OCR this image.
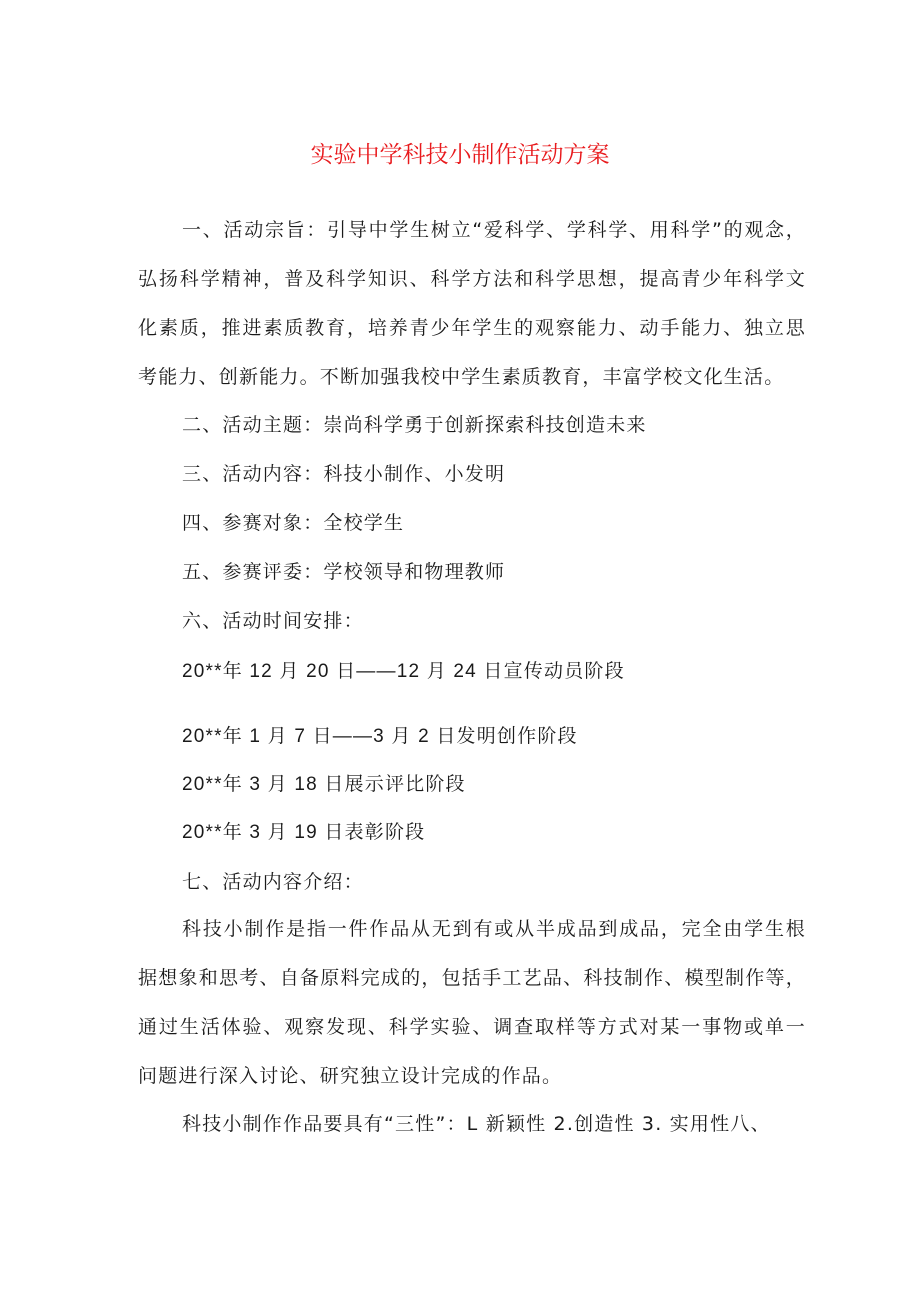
实验中学科技小制作活动方案
一、活动宗旨：引导中学生树立“爱科学、学科学、用科学”的观念，
弘扬科学精神，普及科学知识、科学方法和科学思想，提高青少年科学文
化素质，推进素质教育，培养青少年学生的观察能力、动手能力、独立思
考能力、创新能力。不断加强我校中学生素质教育，丰富学校文化生活。
二、活动主题：崇尚科学勇于创新探索科技创造未来
三、活动内容：科技小制作、小发明
四、参赛对象：全校学生
五、参赛评委：学校领导和物理教师
六、活动时间安排：
20**年 12 月 20 日——12 月 24 日宣传动员阶段
20**年 1 月 7 日——3 月 2 日发明创作阶段
20**年 3 月 18 日展示评比阶段
20**年 3 月 19 日表彰阶段
七、活动内容介绍：
科技小制作是指一件作品从无到有或从半成品到成品，完全由学生根
据想象和思考、自备原料完成的，包括手工艺品、科技制作、模型制作等，
通过生活体验、观察发现、科学实验、调查取样等方式对某一事物或单一
问题进行深入讨论、研究独立设计完成的作品。
科技小制作作品要具有“三性”：L 新颖性 2.创造性 3. 实用性八、
